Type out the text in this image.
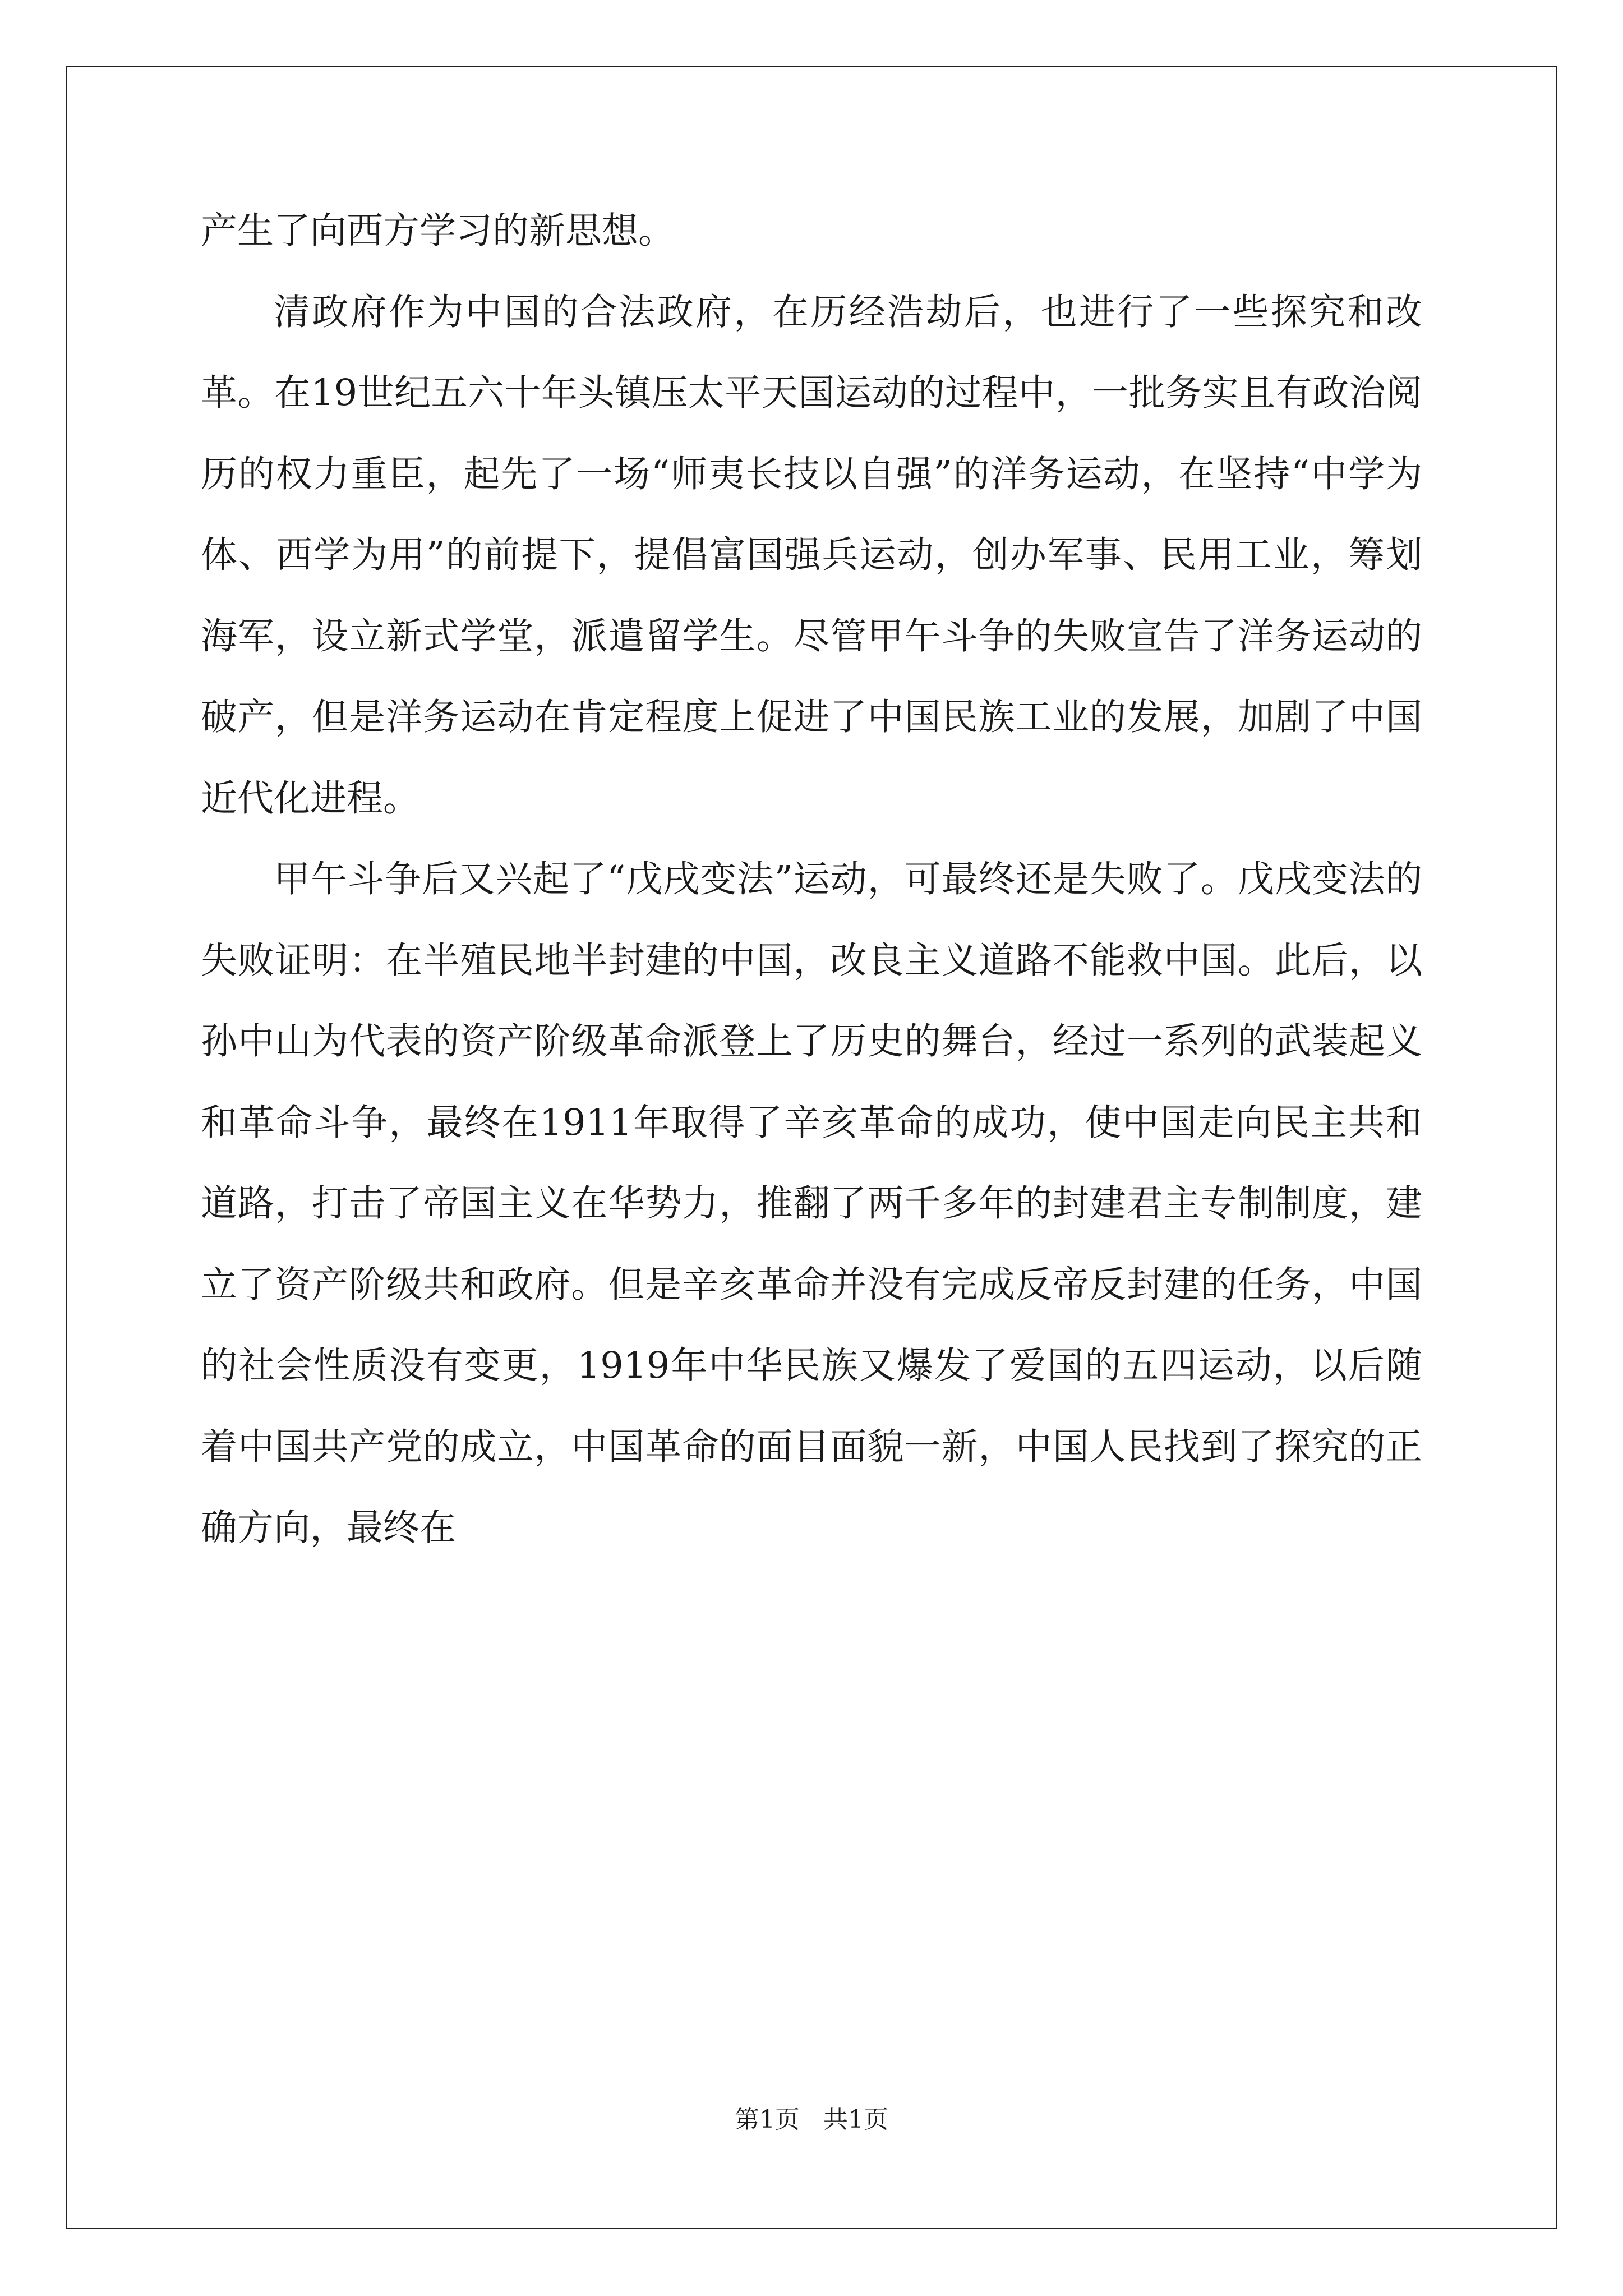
产生了向西方学习的新思想。

清政府作为中国的合法政府，在历经浩劫后，也进行了一些探究和改革。在19世纪五六十年头镇压太平天国运动的过程中，一批务实且有政治阅历的权力重臣，起先了一场“师夷长技以自强”的洋务运动，在坚持“中学为体、西学为用”的前提下，提倡富国强兵运动，创办军事、民用工业，筹划海军，设立新式学堂，派遣留学生。尽管甲午斗争的失败宣告了洋务运动的破产，但是洋务运动在肯定程度上促进了中国民族工业的发展，加剧了中国近代化进程。

甲午斗争后又兴起了“戊戌变法”运动，可最终还是失败了。戊戌变法的失败证明：在半殖民地半封建的中国，改良主义道路不能救中国。此后，以孙中山为代表的资产阶级革命派登上了历史的舞台，经过一系列的武装起义和革命斗争，最终在1911年取得了辛亥革命的成功，使中国走向民主共和道路，打击了帝国主义在华势力，推翻了两千多年的封建君主专制制度，建立了资产阶级共和政府。但是辛亥革命并没有完成反帝反封建的任务，中国的社会性质没有变更，1919年中华民族又爆发了爱国的五四运动，以后随着中国共产党的成立，中国革命的面目面貌一新，中国人民找到了探究的正确方向，最终在

第1页   共1页
